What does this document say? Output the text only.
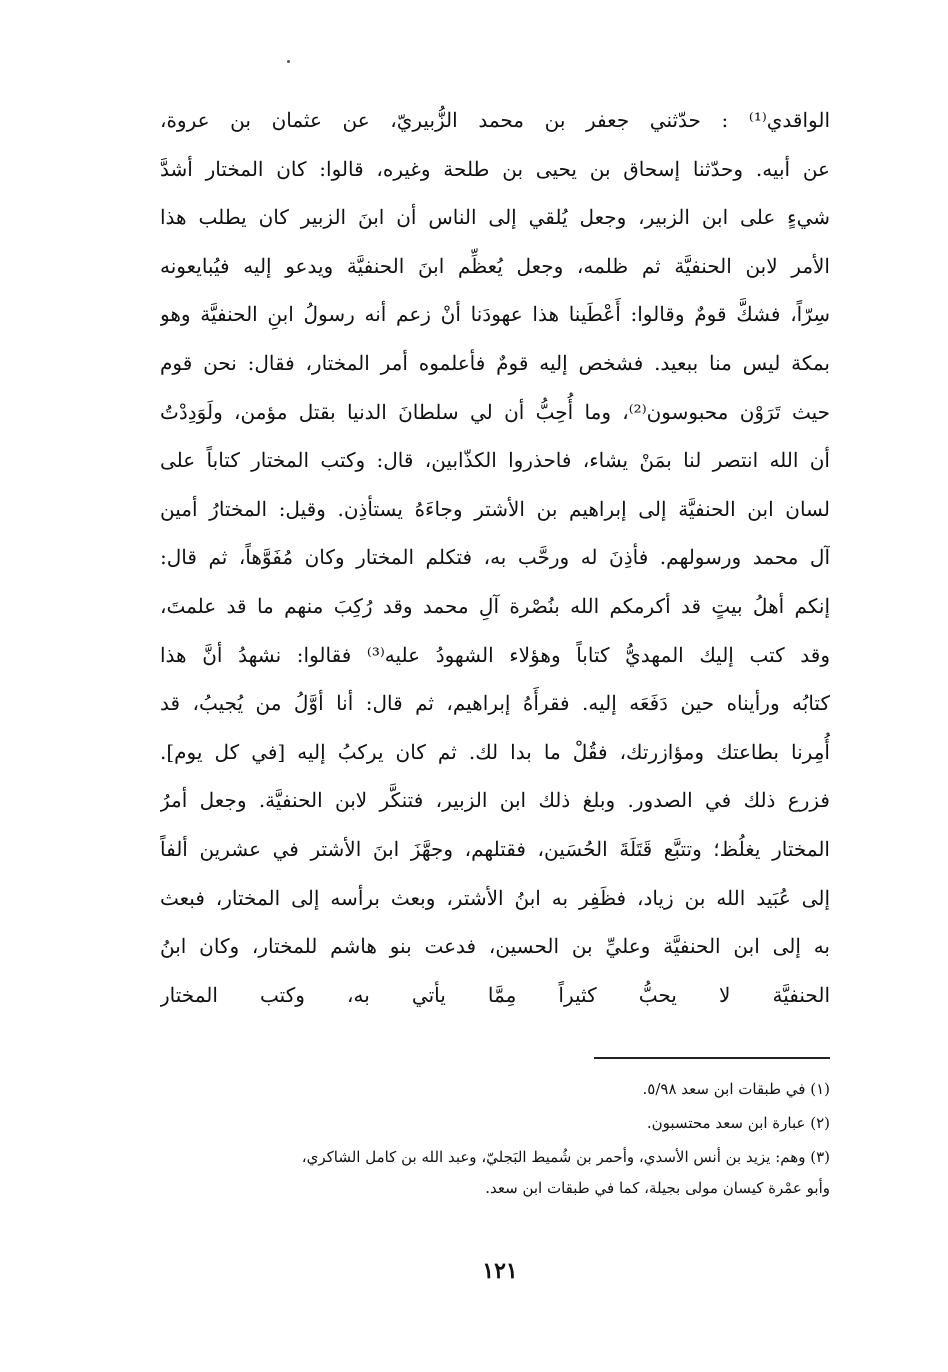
الواقدي⁽¹⁾ : حدّثني جعفر بن محمد الزُّبيريّ، عن عثمان بن عروة،
عن أبيه. وحدّثنا إسحاق بن يحيى بن طلحة وغيره، قالوا: كان المختار أشدَّ
شيءٍ على ابن الزبير، وجعل يُلقي إلى الناس أن ابنَ الزبير كان يطلب هذا
الأمر لابن الحنفيَّة ثم ظلمه، وجعل يُعظِّم ابنَ الحنفيَّة ويدعو إليه فيُبايعونه
سِرّاً، فشكَّ قومٌ وقالوا: أَعْطَينا هذا عهودَنا أنْ زعم أنه رسولُ ابنِ الحنفيَّة وهو
بمكة ليس منا ببعيد. فشخص إليه قومٌ فأعلموه أمر المختار، فقال: نحن قوم
حيث تَرَوْن محبوسون⁽²⁾، وما أُحِبُّ أن لي سلطانَ الدنيا بقتل مؤمن، ولَوَدِدْتُ
أن الله انتصر لنا بمَنْ يشاء، فاحذروا الكذّابين، قال: وكتب المختار كتاباً على
لسان ابن الحنفيَّة إلى إبراهيم بن الأشتر وجاءَهُ يستأذِن. وقيل: المختارُ أمين
آل محمد ورسولهم. فأذِنَ له ورحَّب به، فتكلم المختار وكان مُفَوَّهاً، ثم قال:
إنكم أهلُ بيتٍ قد أكرمكم الله بنُصْرة آلِ محمد وقد رُكِبَ منهم ما قد علمتَ،
وقد كتب إليك المهديُّ كتاباً وهؤلاء الشهودُ عليه⁽³⁾ فقالوا: نشهدُ أنَّ هذا
كتابُه ورأيناه حين دَفَعَه إليه. فقرأَهُ إبراهيم، ثم قال: أنا أوَّلُ من يُجيبُ، قد
أُمِرنا بطاعتك ومؤازرتك، فقُلْ ما بدا لك. ثم كان يركبُ إليه [في كل يوم].
فزرع ذلك في الصدور. وبلغ ذلك ابن الزبير، فتنكَّر لابن الحنفيَّة. وجعل أمرُ
المختار يغلُظ؛ وتتبَّع قَتَلَةَ الحُسَين، فقتلهم، وجهَّزَ ابنَ الأشتر في عشرين ألفاً
إلى عُبَيد الله بن زياد، فظَفِر به ابنُ الأشتر، وبعث برأسه إلى المختار، فبعث
به إلى ابن الحنفيَّة وعليِّ بن الحسين، فدعت بنو هاشم للمختار، وكان ابنُ
الحنفيَّة لا يحبُّ كثيراً مِمَّا يأتي به، وكتب المختار
(١) في طبقات ابن سعد ٥/٩٨.
(٢) عبارة ابن سعد محتسبون.
(٣) وهم: يزيد بن أنس الأسدي، وأحمر بن شُميط البَجليّ، وعبد الله بن كامل الشاكري،
وأبو عمْرة كيسان مولى بجيلة، كما في طبقات ابن سعد.
١٢١
